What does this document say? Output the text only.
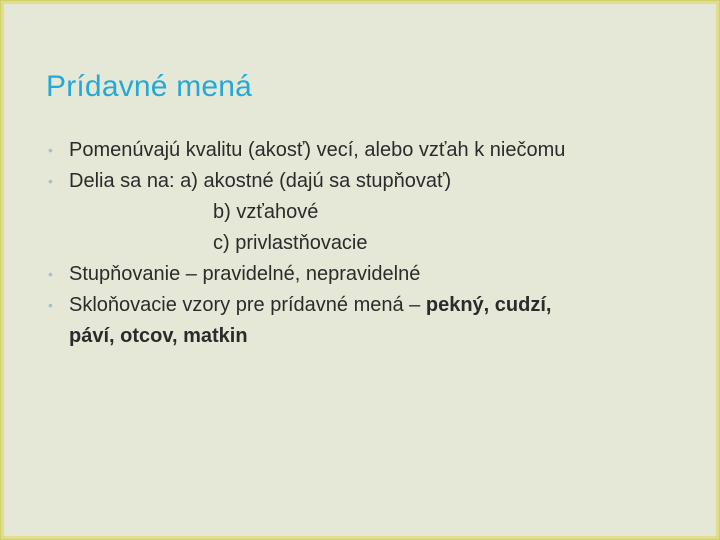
Prídavné mená
• Pomenúvajú kvalitu (akosť) vecí, alebo vzťah k niečomu
• Delia sa na: a) akostné (dajú sa stupňovať)
b) vzťahové
c) privlastňovacie
• Stupňovanie – pravidelné, nepravidelné
• Skloňovacie vzory pre prídavné mená – pekný, cudzí,
páví, otcov, matkin
